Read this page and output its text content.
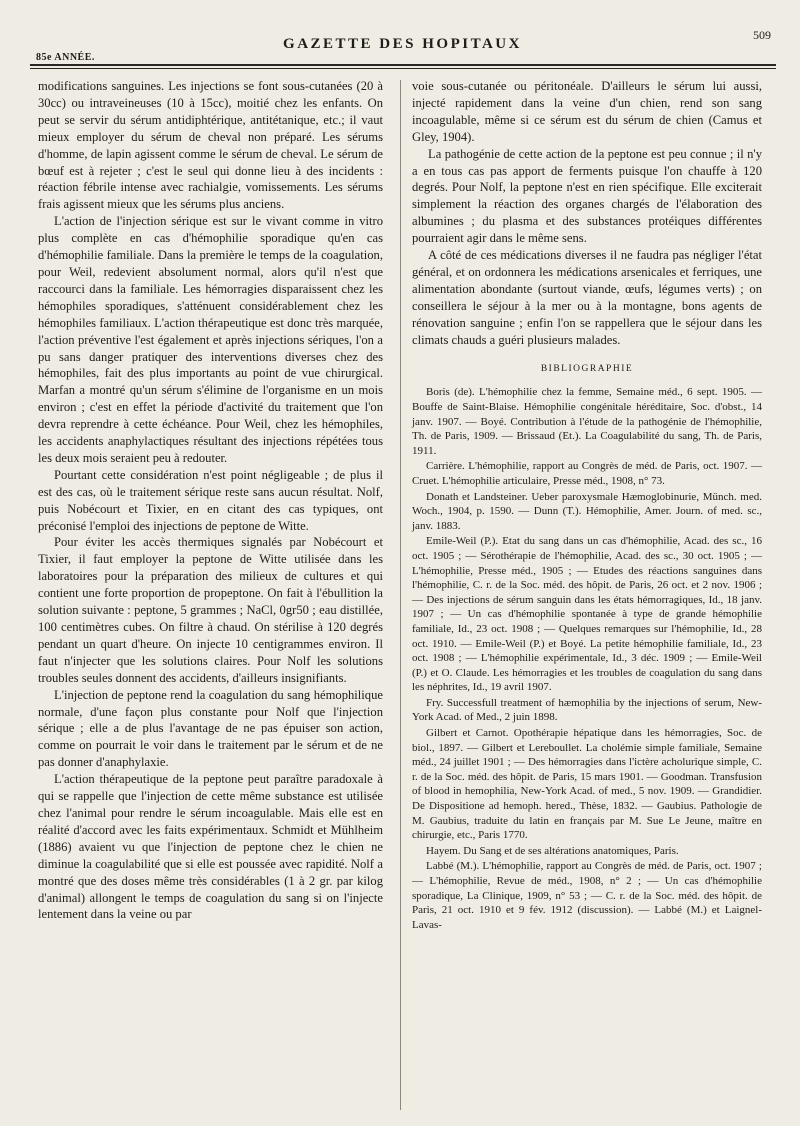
85e ANNÉE.
GAZETTE DES HOPITAUX
509

modifications sanguines. Les injections se font sous-cutanées (20 à 30cc) ou intraveineuses (10 à 15cc), moitié chez les enfants. On peut se servir du sérum antidiphtérique, antitétanique, etc.; il vaut mieux employer du sérum de cheval non préparé. Les sérums d'homme, de lapin agissent comme le sérum de cheval. Le sérum de bœuf est à rejeter ; c'est le seul qui donne lieu à des incidents : réaction fébrile intense avec rachialgie, vomissements. Les sérums frais agissent mieux que les sérums plus anciens.

L'action de l'injection sérique est sur le vivant comme in vitro plus complète en cas d'hémophilie sporadique qu'en cas d'hémophilie familiale. Dans la première le temps de la coagulation, pour Weil, redevient absolument normal, alors qu'il n'est que raccourci dans la familiale. Les hémorragies disparaissent chez les hémophiles sporadiques, s'atténuent considérablement chez les hémophiles familiaux. L'action thérapeutique est donc très marquée, l'action préventive l'est également et après injections sériques, l'on a pu sans danger pratiquer des interventions diverses chez des hémophiles, fait des plus importants au point de vue chirurgical. Marfan a montré qu'un sérum s'élimine de l'organisme en un mois environ ; c'est en effet la période d'activité du traitement que l'on devra reprendre à cette échéance. Pour Weil, chez les hémophiles, les accidents anaphylactiques résultant des injections répétées tous les deux mois seraient peu à redouter.

Pourtant cette considération n'est point négligeable ; de plus il est des cas, où le traitement sérique reste sans aucun résultat. Nolf, puis Nobécourt et Tixier, en en citant des cas typiques, ont préconisé l'emploi des injections de peptone de Witte.

Pour éviter les accès thermiques signalés par Nobécourt et Tixier, il faut employer la peptone de Witte utilisée dans les laboratoires pour la préparation des milieux de cultures et qui contient une forte proportion de propeptone. On fait à l'ébullition la solution suivante : peptone, 5 grammes ; NaCl, 0gr50 ; eau distillée, 100 centimètres cubes. On filtre à chaud. On stérilise à 120 degrés pendant un quart d'heure. On injecte 10 centigrammes environ. Il faut n'injecter que les solutions claires. Pour Nolf les solutions troubles seules donnent des accidents, d'ailleurs insignifiants.

L'injection de peptone rend la coagulation du sang hémophilique normale, d'une façon plus constante pour Nolf que l'injection sérique ; elle a de plus l'avantage de ne pas épuiser son action, comme on pourrait le voir dans le traitement par le sérum et de ne pas donner d'anaphylaxie.

L'action thérapeutique de la peptone peut paraître paradoxale à qui se rappelle que l'injection de cette même substance est utilisée chez l'animal pour rendre le sérum incoagulable. Mais elle est en réalité d'accord avec les faits expérimentaux. Schmidt et Mühlheim (1886) avaient vu que l'injection de peptone chez le chien ne diminue la coagulabilité que si elle est poussée avec rapidité. Nolf a montré que des doses même très considérables (1 à 2 gr. par kilog d'animal) allongent le temps de coagulation du sang si on l'injecte lentement dans la veine ou par

voie sous-cutanée ou péritonéale. D'ailleurs le sérum lui aussi, injecté rapidement dans la veine d'un chien, rend son sang incoagulable, même si ce sérum est du sérum de chien (Camus et Gley, 1904).

La pathogénie de cette action de la peptone est peu connue ; il n'y a en tous cas pas apport de ferments puisque l'on chauffe à 120 degrés. Pour Nolf, la peptone n'est en rien spécifique. Elle exciterait simplement la réaction des organes chargés de l'élaboration des albumines ; du plasma et des substances protéiques différentes pourraient agir dans le même sens.

A côté de ces médications diverses il ne faudra pas négliger l'état général, et on ordonnera les médications arsenicales et ferriques, une alimentation abondante (surtout viande, œufs, légumes verts) ; on conseillera le séjour à la mer ou à la montagne, bons agents de rénovation sanguine ; enfin l'on se rappellera que le séjour dans les climats chauds a guéri plusieurs malades.

BIBLIOGRAPHIE

Boris (de). L'hémophilie chez la femme, Semaine méd., 6 sept. 1905. — Bouffe de Saint-Blaise. Hémophilie congénitale héréditaire, Soc. d'obst., 14 janv. 1907. — Boyé. Contribution à l'étude de la pathogénie de l'hémophilie, Th. de Paris, 1909. — Brissaud (Et.). La Coagulabilité du sang, Th. de Paris, 1911.

Carrière. L'hémophilie, rapport au Congrès de méd. de Paris, oct. 1907. — Cruet. L'hémophilie articulaire, Presse méd., 1908, n° 73.

Donath et Landsteiner. Ueber paroxysmale Hæmoglobinurie, Münch. med. Woch., 1904, p. 1590. — Dunn (T.). Hémophilie, Amer. Journ. of med. sc., janv. 1883.

Emile-Weil (P.). Etat du sang dans un cas d'hémophilie, Acad. des sc., 16 oct. 1905 ; — Sérothérapie de l'hémophilie, Acad. des sc., 30 oct. 1905 ; — L'hémophilie, Presse méd., 1905 ; — Etudes des réactions sanguines dans l'hémophilie, C. r. de la Soc. méd. des hôpit. de Paris, 26 oct. et 2 nov. 1906 ; — Des injections de sérum sanguin dans les états hémorragiques, Id., 18 janv. 1907 ; — Un cas d'hémophilie spontanée à type de grande hémophilie familiale, Id., 23 oct. 1908 ; — Quelques remarques sur l'hémophilie, Id., 28 oct. 1910. — Emile-Weil (P.) et Boyé. La petite hémophilie familiale, Id., 23 oct. 1908 ; — L'hémophilie expérimentale, Id., 3 déc. 1909 ; — Emile-Weil (P.) et O. Claude. Les hémorragies et les troubles de coagulation du sang dans les néphrites, Id., 19 avril 1907.

Fry. Successfull treatment of hæmophilia by the injections of serum, New-York Acad. of Med., 2 juin 1898.

Gilbert et Carnot. Opothérapie hépatique dans les hémorragies, Soc. de biol., 1897. — Gilbert et Lereboullet. La cholémie simple familiale, Semaine méd., 24 juillet 1901 ; — Des hémorragies dans l'ictère acholurique simple, C. r. de la Soc. méd. des hôpit. de Paris, 15 mars 1901. — Goodman. Transfusion of blood in hemophilia, New-York Acad. of med., 5 nov. 1909. — Grandidier. De Dispositione ad hemoph. hered., Thèse, 1832. — Gaubius. Pathologie de M. Gaubius, traduite du latin en français par M. Sue Le Jeune, maître en chirurgie, etc., Paris 1770.

Hayem. Du Sang et de ses altérations anatomiques, Paris.

Labbé (M.). L'hémophilie, rapport au Congrès de méd. de Paris, oct. 1907 ; — L'hémophilie, Revue de méd., 1908, n° 2 ; — Un cas d'hémophilie sporadique, La Clinique, 1909, n° 53 ; — C. r. de la Soc. méd. des hôpit. de Paris, 21 oct. 1910 et 9 fév. 1912 (discussion). — Labbé (M.) et Laignel-Lavas-
